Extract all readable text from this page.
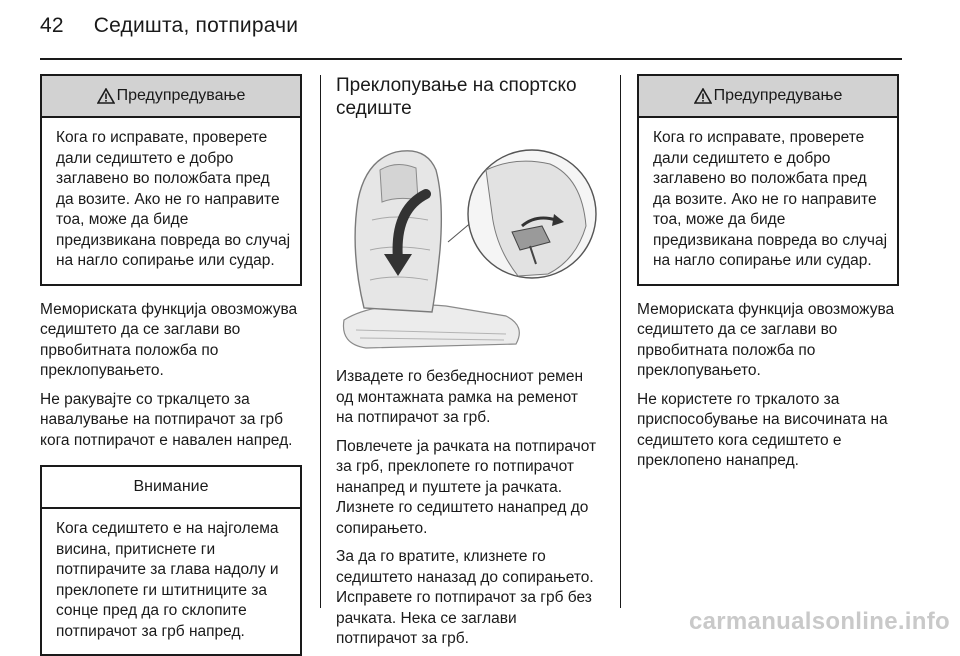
42 Седишта, потпирачи
Предупредување
Кога го исправате, проверете дали седиштето е добро заглавено во положбата пред да возите. Ако не го направите тоа, може да биде предизвикана повреда во случај на нагло сопирање или судар.
Мемориската функција овозможува седиштето да се заглави во првобитната положба по преклопувањето.
Не ракувајте со тркалцето за навалување на потпирачот за грб кога потпирачот е навален напред.
Внимание
Кога седиштето е на најголема висина, притиснете ги потпирачите за глава надолу и преклопете ги штитниците за сонце пред да го склопите потпирачот за грб напред.
Преклопување на спортско седиште
Извадете го безбедносниот ремен од монтажната рамка на ременот на потпирачот за грб.
Повлечете ја рачката на потпирачот за грб, преклопете го потпирачот нанапред и пуштете ја рачката. Лизнете го седиштето нанапред до сопирањето.
За да го вратите, клизнете го седиштето наназад до сопирањето. Исправете го потпирачот за грб без рачката. Нека се заглави потпирачот за грб.
Предупредување
Кога го исправате, проверете дали седиштето е добро заглавено во положбата пред да возите. Ако не го направите тоа, може да биде предизвикана повреда во случај на нагло сопирање или судар.
Мемориската функција овозможува седиштето да се заглави во првобитната положба по преклопувањето.
Не користете го тркалото за приспособување на височината на седиштето кога седиштето е преклопено нанапред.
carmanualsonline.info
